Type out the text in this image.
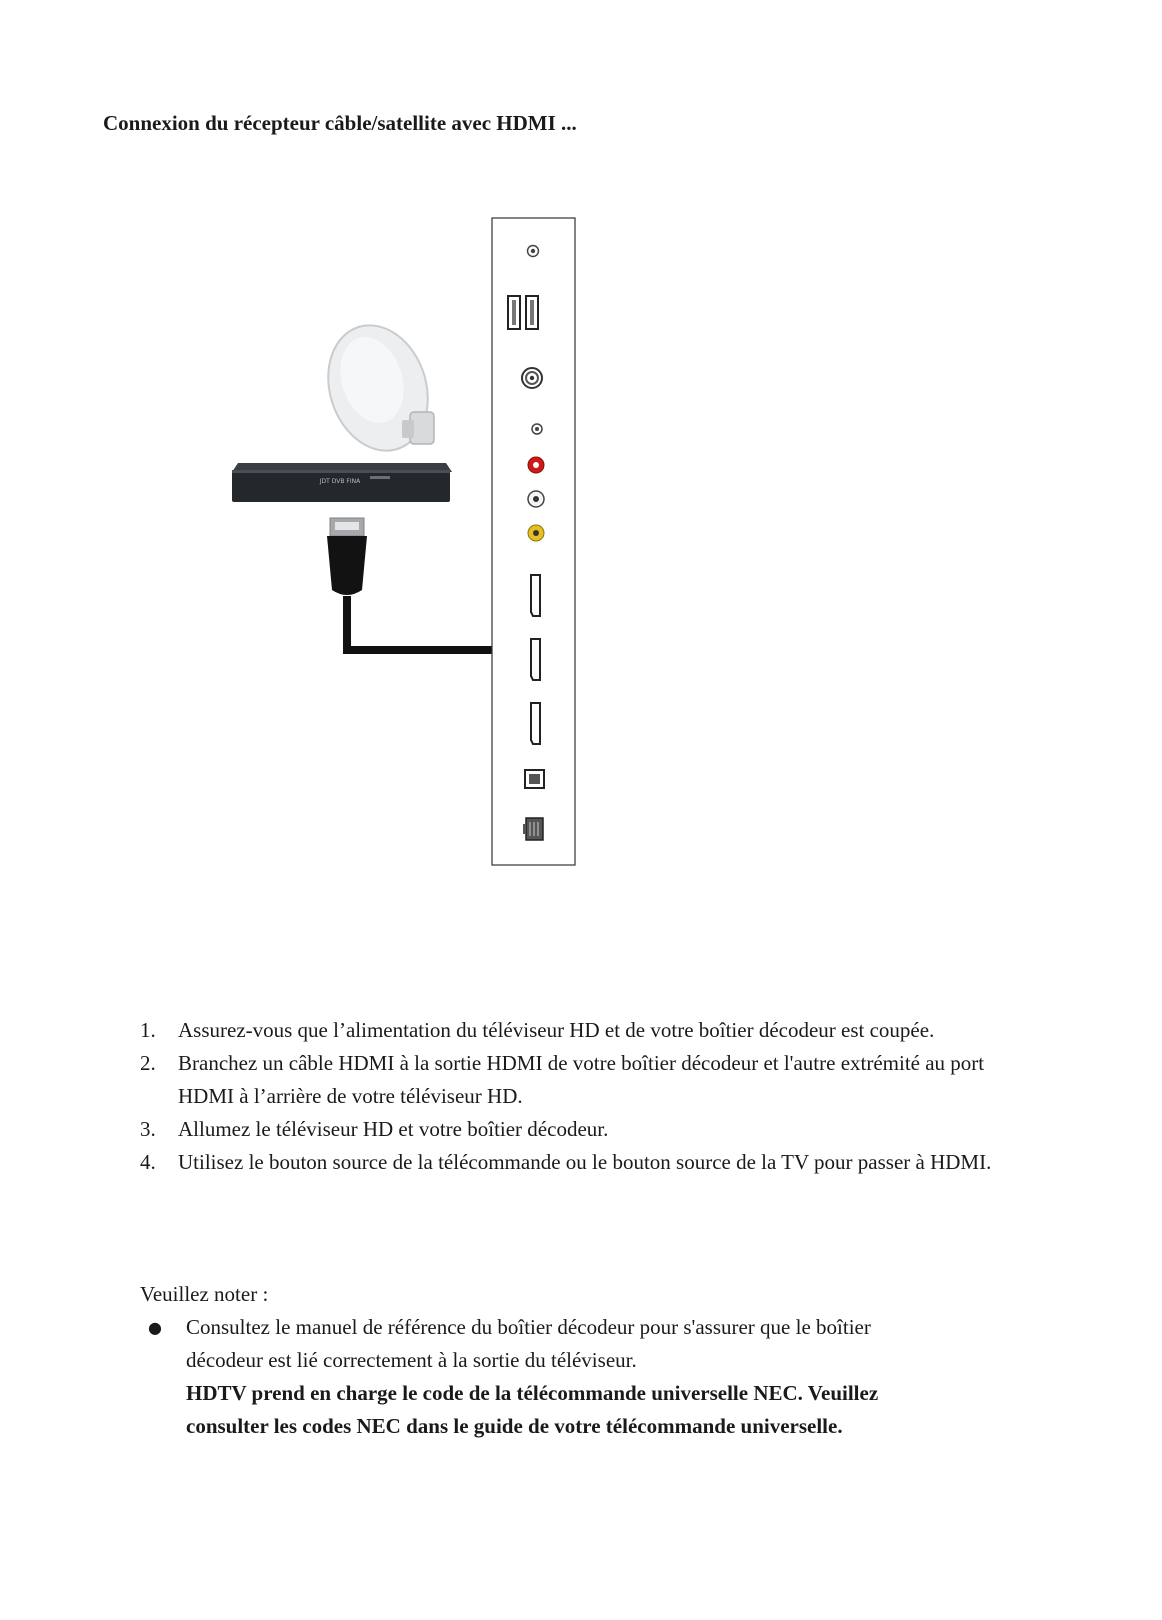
Connexion du récepteur câble/satellite avec HDMI ...
JDT DVB FINA
1. Assurez-vous que l’alimentation du téléviseur HD et de votre boîtier décodeur est coupée.
2. Branchez un câble HDMI à la sortie HDMI de votre boîtier décodeur et l'autre extrémité au port HDMI à l’arrière de votre téléviseur HD.
3. Allumez le téléviseur HD et votre boîtier décodeur.
4. Utilisez le bouton source de la télécommande ou le bouton source de la TV pour passer à HDMI.
Veuillez noter :
● Consultez le manuel de référence du boîtier décodeur pour s'assurer que le boîtier décodeur est lié correctement à la sortie du téléviseur.
HDTV prend en charge le code de la télécommande universelle NEC. Veuillez consulter les codes NEC dans le guide de votre télécommande universelle.
